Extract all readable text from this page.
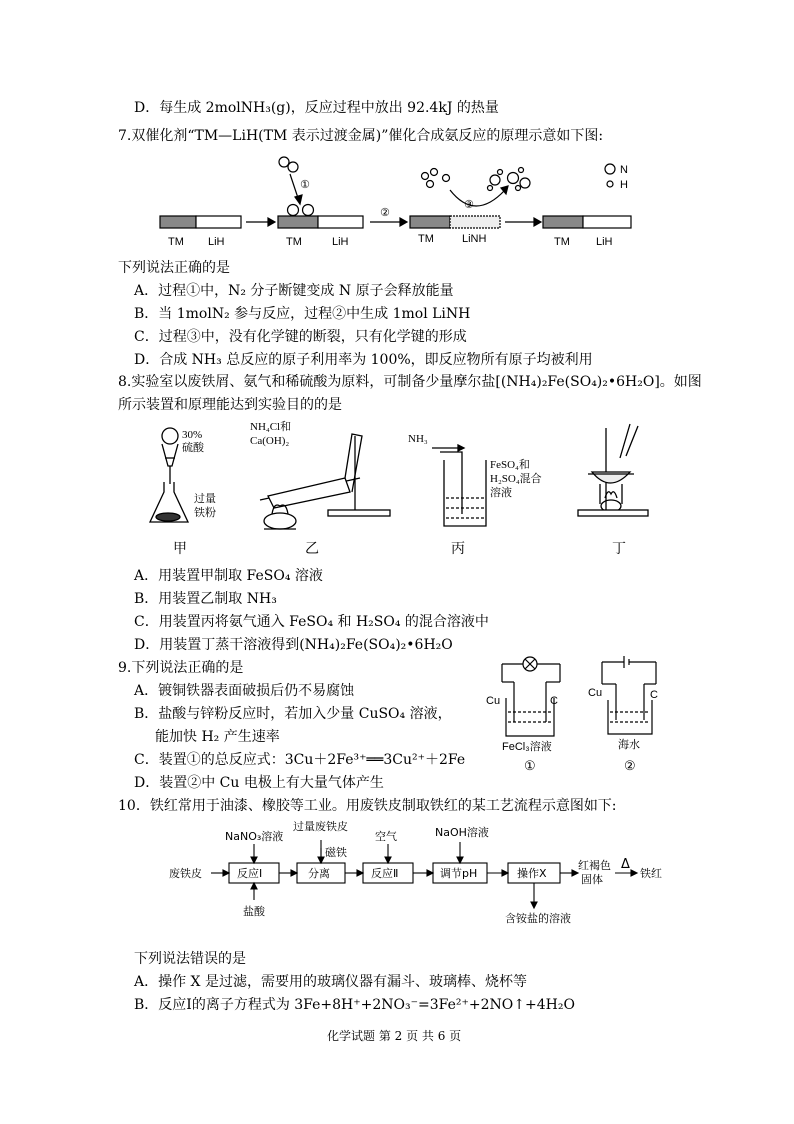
D．每生成 2molNH₃(g)，反应过程中放出 92.4kJ 的热量
7.双催化剂“TM—LiH(TM 表示过渡金属)”催化合成氨反应的原理示意如下图:
TM LiH	TM	LiH	TM	LiNH	TM LiH
①
②
③
N
H
下列说法正确的是
A．过程①中，N₂ 分子断键变成 N 原子会释放能量
B．当 1molN₂ 参与反应，过程②中生成 1mol LiNH
C．过程③中，没有化学键的断裂，只有化学键的形成
D．合成 NH₃ 总反应的原子利用率为 100%，即反应物所有原子均被利用
8.实验室以废铁屑、氨气和稀硫酸为原料，可制备少量摩尔盐[(NH₄)₂Fe(SO₄)₂•6H₂O]。如图
所示装置和原理能达到实验目的的是
30%
硫酸
过量
铁粉
NH₄Cl和
Ca(OH)₂	NH₃
FeSO₄和
H₂SO₄混合
溶液
甲	乙	丙	丁
A．用装置甲制取 FeSO₄ 溶液
B．用装置乙制取 NH₃
C．用装置丙将氨气通入 FeSO₄ 和 H₂SO₄ 的混合溶液中
D．用装置丁蒸干溶液得到(NH₄)₂Fe(SO₄)₂•6H₂O
9.下列说法正确的是
A．镀铜铁器表面破损后仍不易腐蚀
B．盐酸与锌粉反应时，若加入少量 CuSO₄ 溶液，
能加快 H₂ 产生速率
C．装置①的总反应式：3Cu＋2Fe³⁺══3Cu²⁺＋2Fe
D．装置②中 Cu 电极上有大量气体产生
Cu	C
Cu	C
FeCl₃溶液	海水
①	②
10．铁红常用于油漆、橡胶等工业。用废铁皮制取铁红的某工艺流程示意图如下:
废铁皮	反应Ⅰ	分离	反应Ⅱ	调节pH	操作X
红褐色
固体
Δ
铁红
NaNO₃溶液
盐酸
过量废铁皮
磁铁
空气	NaOH溶液
含铵盐的溶液
下列说法错误的是
A．操作 X 是过滤，需要用的玻璃仪器有漏斗、玻璃棒、烧杯等
B．反应Ⅰ的离子方程式为 3Fe+8H⁺+2NO₃⁻=3Fe²⁺+2NO↑+4H₂O
化学试题 第 2 页 共 6 页
